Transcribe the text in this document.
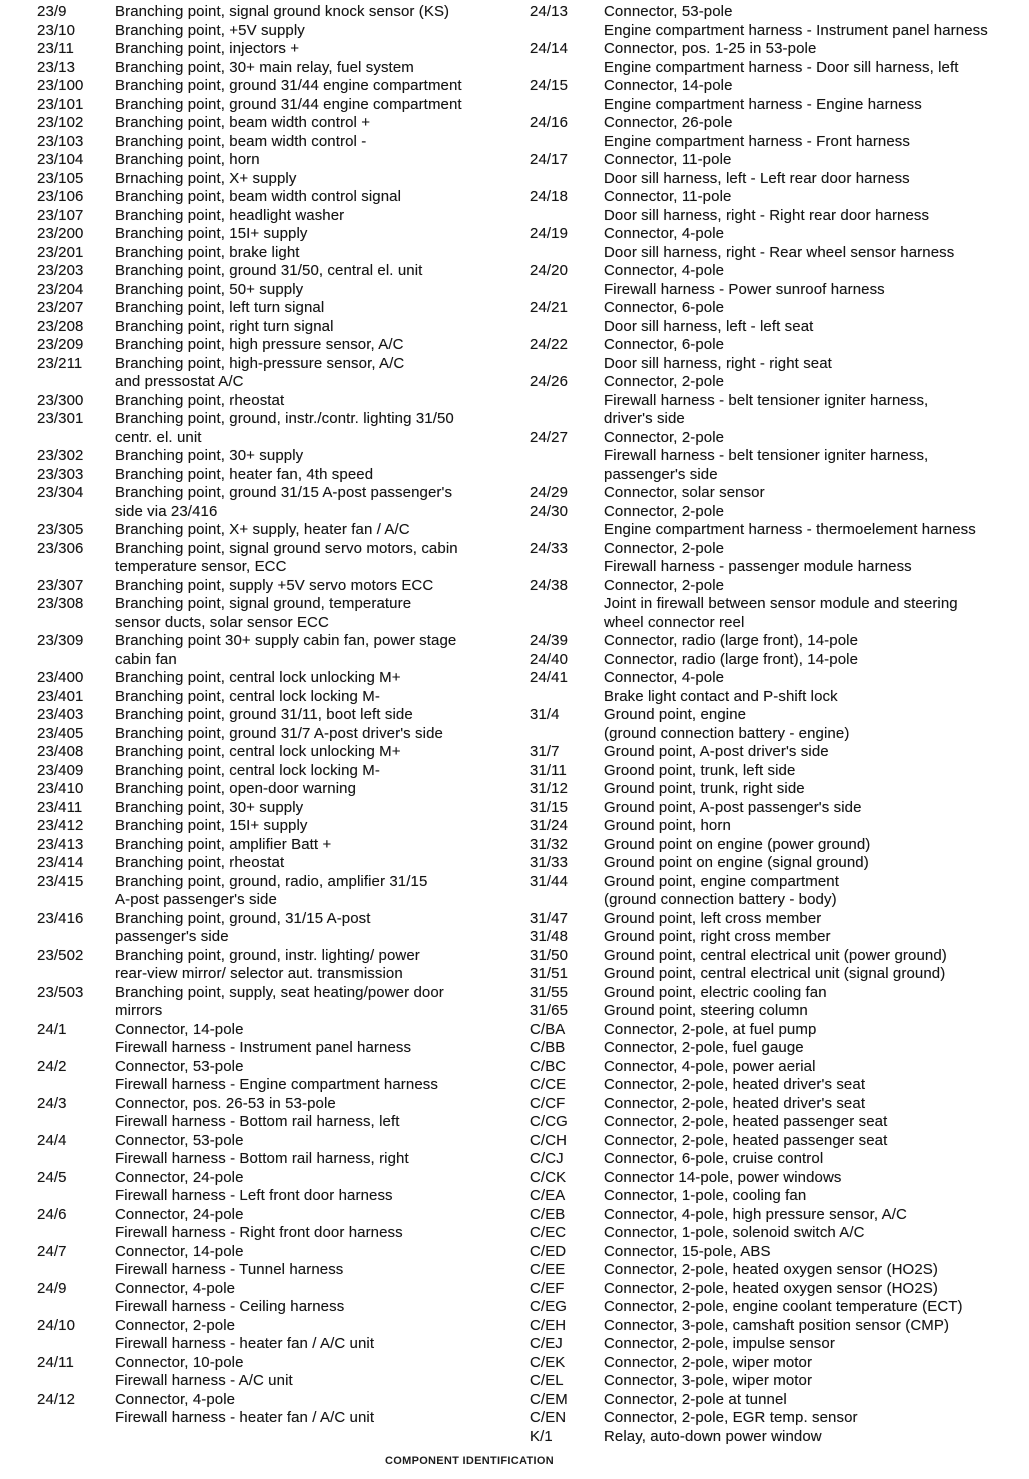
23/9	Branching point, signal ground knock sensor (KS)
23/10	Branching point, +5V supply
23/11	Branching point, injectors +
23/13	Branching point, 30+ main relay, fuel system
23/100	Branching point, ground 31/44 engine compartment
23/101	Branching point, ground 31/44 engine compartment
23/102	Branching point, beam width control +
23/103	Branching point, beam width control -
23/104	Branching point, horn
23/105	Brnaching point, X+ supply
23/106	Branching point, beam width control signal
23/107	Branching point, headlight washer
23/200	Branching point, 15I+ supply
23/201	Branching point, brake light
23/203	Branching point, ground 31/50, central el. unit
23/204	Branching point, 50+ supply
23/207	Branching point, left turn signal
23/208	Branching point, right turn signal
23/209	Branching point, high pressure sensor, A/C
23/211	Branching point, high-pressure sensor, A/C
and pressostat A/C
23/300	Branching point, rheostat
23/301	Branching point, ground, instr./contr. lighting 31/50
centr. el. unit
23/302	Branching point, 30+ supply
23/303	Branching point, heater fan, 4th speed
23/304	Branching point, ground 31/15 A-post passenger's
side via 23/416
23/305	Branching point, X+ supply, heater fan / A/C
23/306	Branching point, signal ground servo motors, cabin
temperature sensor, ECC
23/307	Branching point, supply +5V servo motors ECC
23/308	Branching point, signal ground, temperature
sensor ducts, solar sensor ECC
23/309	Branching point 30+ supply cabin fan, power stage
cabin fan
23/400	Branching point, central lock unlocking M+
23/401	Branching point, central lock locking M-
23/403	Branching point, ground 31/11, boot left side
23/405	Branching point, ground 31/7 A-post driver's side
23/408	Branching point, central lock unlocking M+
23/409	Branching point, central lock locking M-
23/410	Branching point, open-door warning
23/411	Branching point, 30+ supply
23/412	Branching point, 15I+ supply
23/413	Branching point, amplifier Batt +
23/414	Branching point, rheostat
23/415	Branching point, ground, radio, amplifier 31/15
A-post passenger's side
23/416	Branching point, ground, 31/15 A-post
passenger's side
23/502	Branching point, ground, instr. lighting/ power
rear-view mirror/ selector aut. transmission
23/503	Branching point, supply, seat heating/power door
mirrors
24/1	Connector, 14-pole
Firewall harness - Instrument panel harness
24/2	Connector, 53-pole
Firewall harness - Engine compartment harness
24/3	Connector, pos. 26-53 in 53-pole
Firewall harness - Bottom rail harness, left
24/4	Connector, 53-pole
Firewall harness - Bottom rail harness, right
24/5	Connector, 24-pole
Firewall harness - Left front door harness
24/6	Connector, 24-pole
Firewall harness - Right front door harness
24/7	Connector, 14-pole
Firewall harness - Tunnel harness
24/9	Connector, 4-pole
Firewall harness - Ceiling harness
24/10	Connector, 2-pole
Firewall harness - heater fan / A/C unit
24/11	Connector, 10-pole
Firewall harness - A/C unit
24/12	Connector, 4-pole
Firewall harness - heater fan / A/C unit
24/13	Connector, 53-pole
Engine compartment harness - Instrument panel harness
24/14	Connector, pos. 1-25 in 53-pole
Engine compartment harness - Door sill harness, left
24/15	Connector, 14-pole
Engine compartment harness - Engine harness
24/16	Connector, 26-pole
Engine compartment harness - Front harness
24/17	Connector, 11-pole
Door sill harness, left - Left rear door harness
24/18	Connector, 11-pole
Door sill harness, right - Right rear door harness
24/19	Connector, 4-pole
Door sill harness, right - Rear wheel sensor harness
24/20	Connector, 4-pole
Firewall harness - Power sunroof harness
24/21	Connector, 6-pole
Door sill harness, left - left seat
24/22	Connector, 6-pole
Door sill harness, right - right seat
24/26	Connector, 2-pole
Firewall harness - belt tensioner igniter harness,
driver's side
24/27	Connector, 2-pole
Firewall harness - belt tensioner igniter harness,
passenger's side
24/29	Connector, solar sensor
24/30	Connector, 2-pole
Engine compartment harness - thermoelement harness
24/33	Connector, 2-pole
Firewall harness - passenger module harness
24/38	Connector, 2-pole
Joint in firewall between sensor module and steering
wheel connector reel
24/39	Connector, radio (large front), 14-pole
24/40	Connector, radio (large front), 14-pole
24/41	Connector, 4-pole
Brake light contact and P-shift lock
31/4	Ground point, engine
(ground connection battery - engine)
31/7	Ground point, A-post driver's side
31/11	Groond point, trunk, left side
31/12	Ground point, trunk, right side
31/15	Ground point, A-post passenger's side
31/24	Ground point, horn
31/32	Ground point on engine (power ground)
31/33	Ground point on engine (signal ground)
31/44	Ground point, engine compartment
(ground connection battery - body)
31/47	Ground point, left cross member
31/48	Ground point, right cross member
31/50	Ground point, central electrical unit (power ground)
31/51	Ground point, central electrical unit (signal ground)
31/55	Ground point, electric cooling fan
31/65	Ground point, steering column
C/BA	Connector, 2-pole, at fuel pump
C/BB	Connector, 2-pole, fuel gauge
C/BC	Connector, 4-pole, power aerial
C/CE	Connector, 2-pole, heated driver's seat
C/CF	Connector, 2-pole, heated driver's seat
C/CG	Connector, 2-pole, heated passenger seat
C/CH	Connector, 2-pole, heated passenger seat
C/CJ	Connector, 6-pole, cruise control
C/CK	Connector 14-pole, power windows
C/EA	Connector, 1-pole, cooling fan
C/EB	Connector, 4-pole, high pressure sensor, A/C
C/EC	Connector, 1-pole, solenoid switch A/C
C/ED	Connector, 15-pole, ABS
C/EE	Connector, 2-pole, heated oxygen sensor (HO2S)
C/EF	Connector, 2-pole, heated oxygen sensor (HO2S)
C/EG	Connector, 2-pole, engine coolant temperature (ECT)
C/EH	Connector, 3-pole, camshaft position sensor (CMP)
C/EJ	Connector, 2-pole, impulse sensor
C/EK	Connector, 2-pole, wiper motor
C/EL	Connector, 3-pole, wiper motor
C/EM	Connector, 2-pole at tunnel
C/EN	Connector, 2-pole, EGR temp. sensor
K/1	Relay, auto-down power window
COMPONENT IDENTIFICATION
